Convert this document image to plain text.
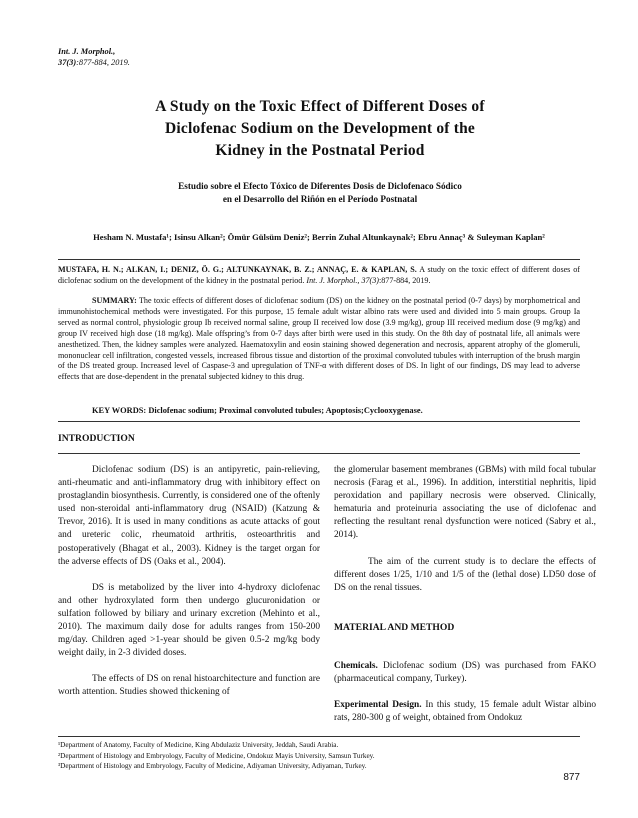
Int. J. Morphol.,
37(3):877-884, 2019.
A Study on the Toxic Effect of Different Doses of
Diclofenac Sodium on the Development of the
Kidney in the Postnatal Period
Estudio sobre el Efecto Tóxico de Diferentes Dosis de Diclofenaco Sódico
en el Desarrollo del Riñón en el Período Postnatal
Hesham N. Mustafa¹; Isinsu Alkan²; Ömür Gülsüm Deniz²; Berrin Zuhal Altunkaynak²; Ebru Annaç³ & Suleyman Kaplan²
MUSTAFA, H. N.; ALKAN, I.; DENIZ, Ö. G.; ALTUNKAYNAK, B. Z.; ANNAÇ, E. & KAPLAN, S. A study on the toxic effect of different doses of diclofenac sodium on the development of the kidney in the postnatal period. Int. J. Morphol., 37(3):877-884, 2019.
SUMMARY: The toxic effects of different doses of diclofenac sodium (DS) on the kidney on the postnatal period (0-7 days) by morphometrical and immunohistochemical methods were investigated. For this purpose, 15 female adult wistar albino rats were used and divided into 5 main groups. Group Ia served as normal control, physiologic group Ib received normal saline, group II received low dose (3.9 mg/kg), group III received medium dose (9 mg/kg) and group IV received high dose (18 mg/kg). Male offspring’s from 0-7 days after birth were used in this study. On the 8th day of postnatal life, all animals were anesthetized. Then, the kidney samples were analyzed. Haematoxylin and eosin staining showed degeneration and necrosis, apparent atrophy of the glomeruli, mononuclear cell infiltration, congested vessels, increased fibrous tissue and distortion of the proximal convoluted tubules with interruption of the brush margin of the DS treated group. Increased level of Caspase-3 and upregulation of TNF-α with different doses of DS. In light of our findings, DS may lead to adverse effects that are dose-dependent in the prenatal subjected kidney to this drug.
KEY WORDS: Diclofenac sodium; Proximal convoluted tubules; Apoptosis;Cyclooxygenase.
INTRODUCTION

Diclofenac sodium (DS) is an antipyretic, pain-relieving, anti-rheumatic and anti-inflammatory drug with inhibitory effect on prostaglandin biosynthesis. Currently, is considered one of the oftenly used non-steroidal anti-inflammatory drug (NSAID) (Katzung & Trevor, 2016). It is used in many conditions as acute attacks of gout and ureteric colic, rheumatoid arthritis, osteoarthritis and postoperatively (Bhagat et al., 2003). Kidney is the target organ for the adverse effects of DS (Oaks et al., 2004).

DS is metabolized by the liver into 4-hydroxy diclofenac and other hydroxylated form then undergo glucuronidation or sulfation followed by biliary and urinary excretion (Mehinto et al., 2010). The maximum daily dose for adults ranges from 150-200 mg/day. Children aged >1-year should be given 0.5-2 mg/kg body weight daily, in 2-3 divided doses.

The effects of DS on renal histoarchitecture and function are worth attention. Studies showed thickening of

the glomerular basement membranes (GBMs) with mild focal tubular necrosis (Farag et al., 1996). In addition, interstitial nephritis, lipid peroxidation and papillary necrosis were observed. Clinically, hematuria and proteinuria associating the use of diclofenac and reflecting the resultant renal dysfunction were noticed (Sabry et al., 2014).

The aim of the current study is to declare the effects of different doses 1/25, 1/10 and 1/5 of the (lethal dose) LD50 dose of DS on the renal tissues.

MATERIAL AND METHOD

Chemicals. Diclofenac sodium (DS) was purchased from FAKO (pharmaceutical company, Turkey).

Experimental Design. In this study, 15 female adult Wistar albino rats, 280-300 g of weight, obtained from Ondokuz

¹Department of Anatomy, Faculty of Medicine, King Abdulaziz University, Jeddah, Saudi Arabia.
²Department of Histology and Embryology, Faculty of Medicine, Ondokuz Mayis University, Samsun Turkey.
³Department of Histology and Embryology, Faculty of Medicine, Adiyaman University, Adiyaman, Turkey.
877
